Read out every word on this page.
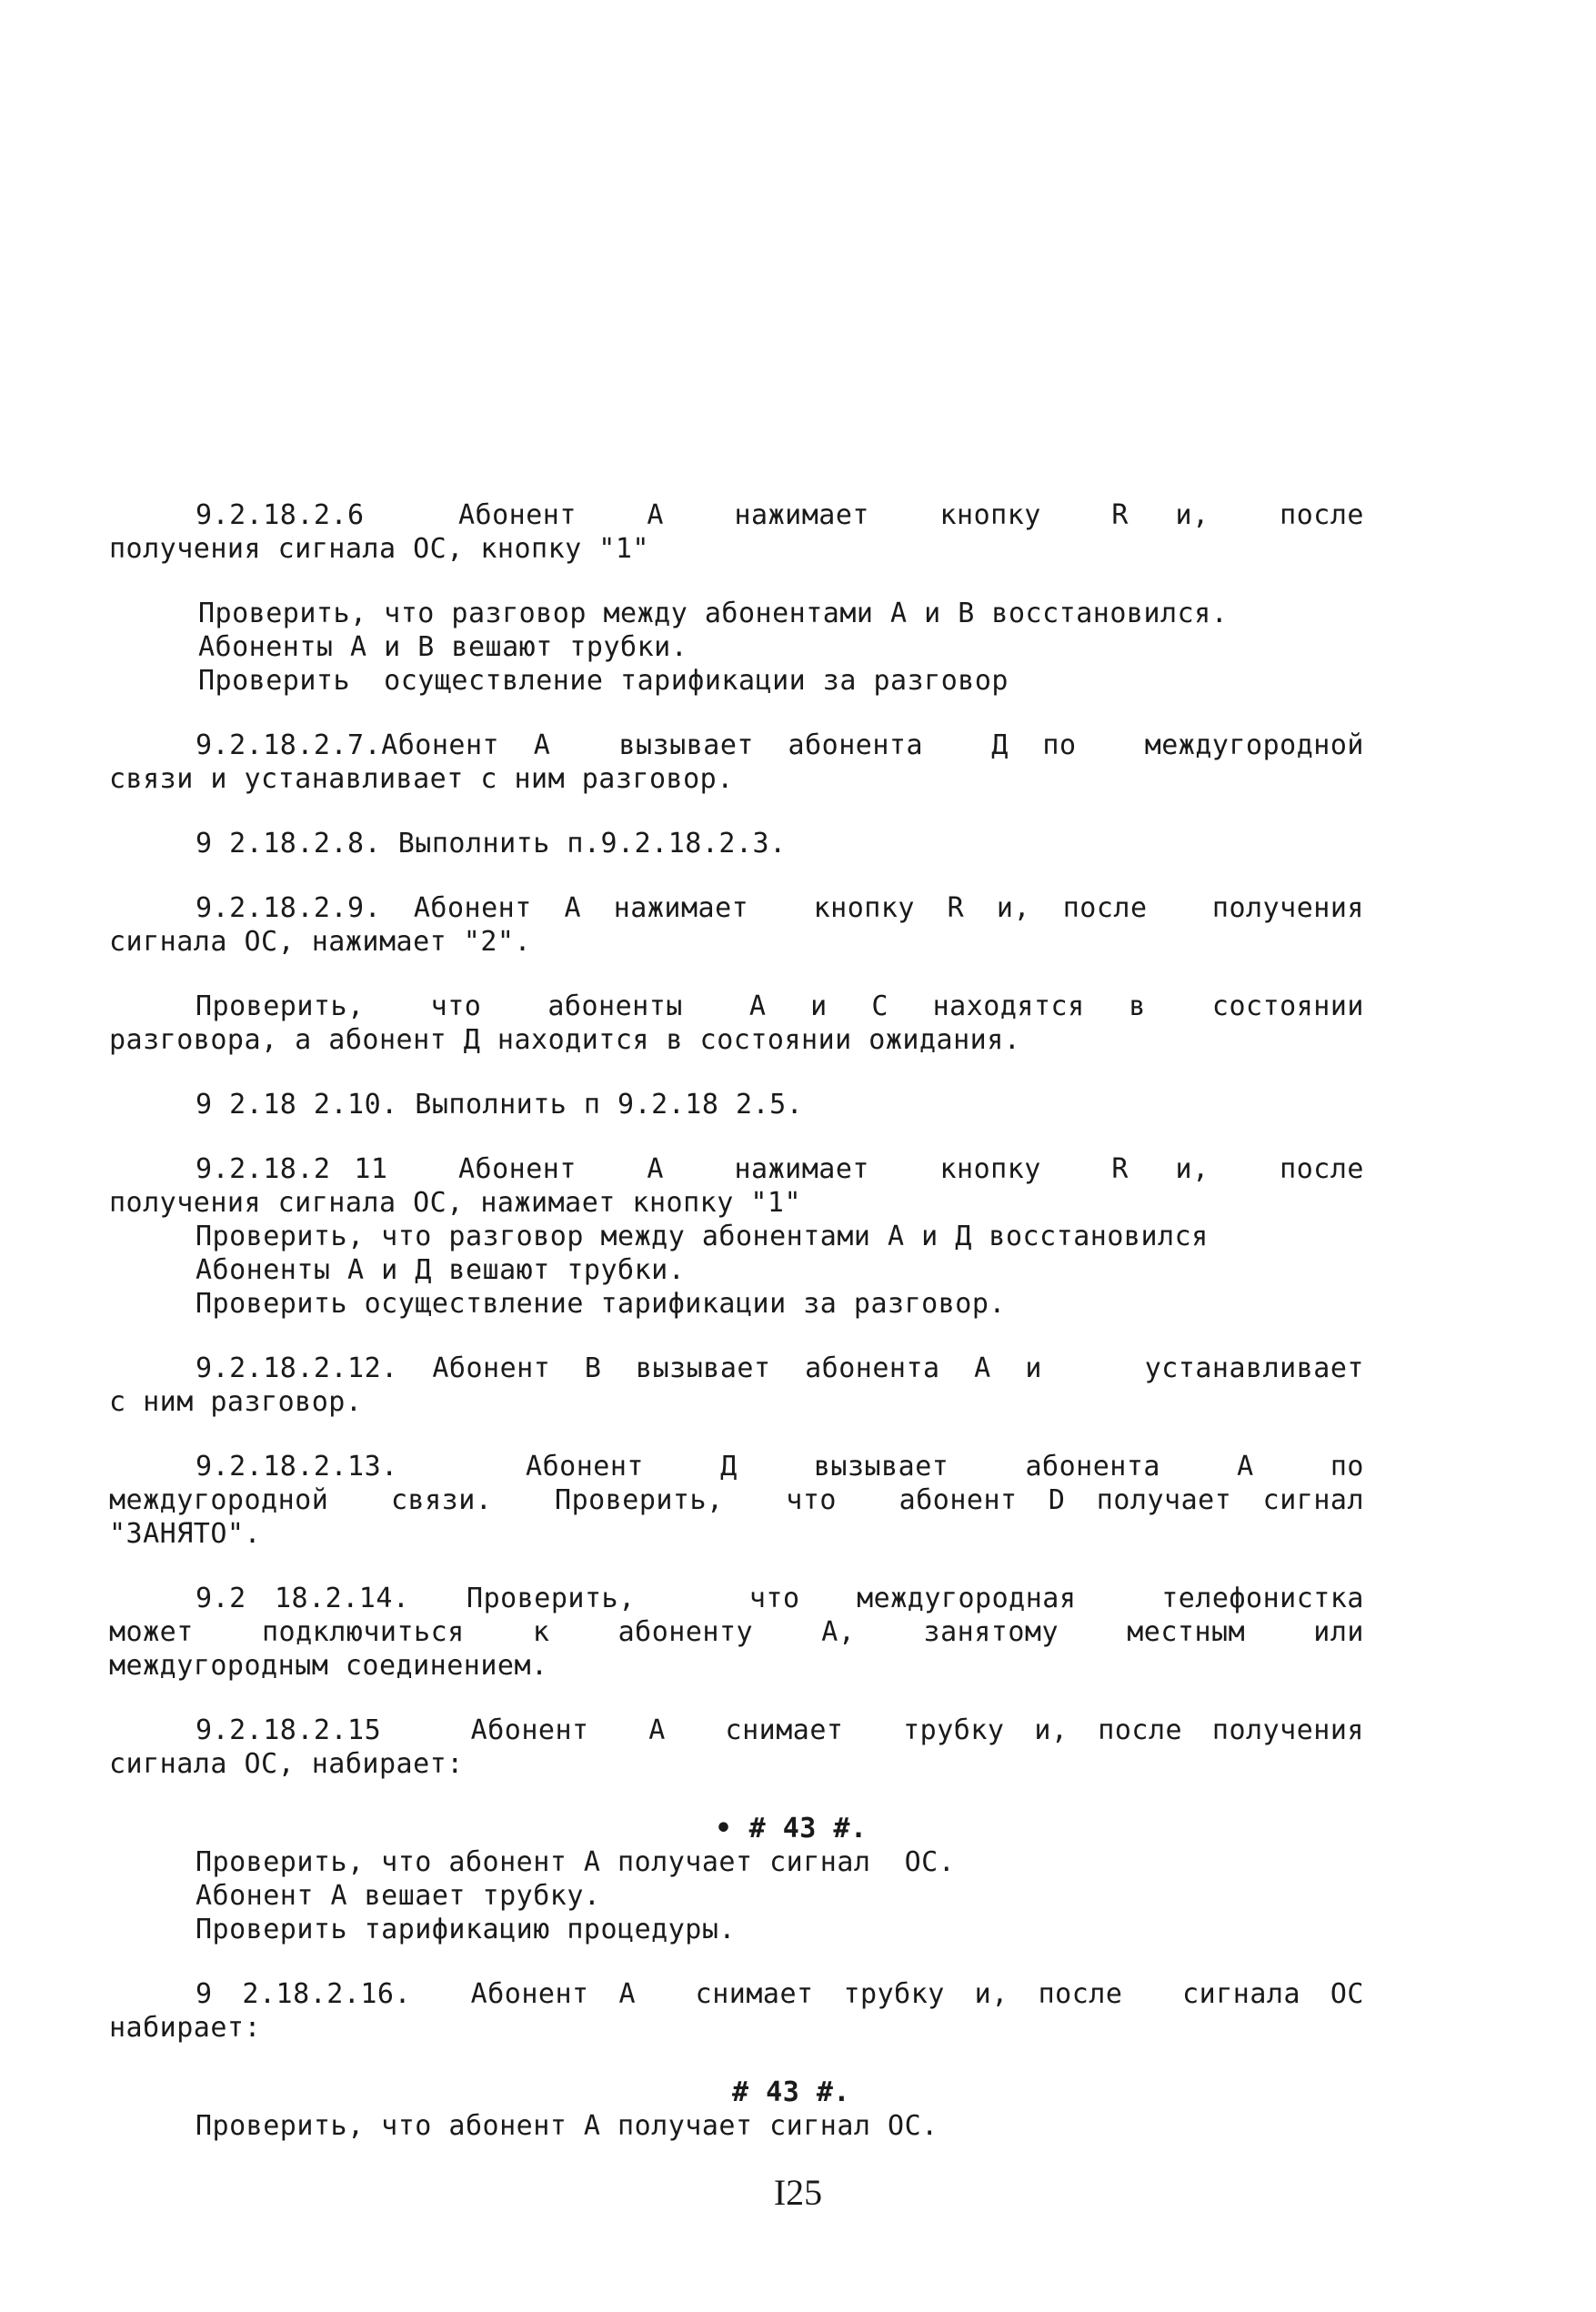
9.2.18.2.6    Абонент   А   нажимает   кнопку   R  и,   после
получения сигнала ОС, кнопку "1"
Проверить, что разговор между абонентами А и В восстановился.
Абоненты А и В вешают трубки.
Проверить  осуществление тарификации за разговор
9.2.18.2.7.Абонент А  вызывает абонента  Д по  междугородной
связи и устанавливает с ним разговор.
9 2.18.2.8. Выполнить п.9.2.18.2.3.
9.2.18.2.9. Абонент А нажимает  кнопку R и, после  получения
сигнала ОС, нажимает "2".
Проверить,   что   абоненты   А  и  С  находятся  в   состоянии
разговора, а абонент Д находится в состоянии ожидания.
9 2.18 2.10. Выполнить п 9.2.18 2.5.
9.2.18.2 11   Абонент   А   нажимает   кнопку   R  и,   после
получения сигнала ОС, нажимает кнопку "1"
Проверить, что разговор между абонентами А и Д восстановился
Абоненты А и Д вешают трубки.
Проверить осуществление тарификации за разговор.
9.2.18.2.12. Абонент В вызывает абонента А и   устанавливает
с ним разговор.
9.2.18.2.13.     Абонент   Д   вызывает   абонента   А   по
междугородной  связи.  Проверить,  что  абонент D получает сигнал
"ЗАНЯТО".
9.2 18.2.14.  Проверить,    что  междугородная   телефонистка
может  подключиться  к  абоненту  А,  занятому  местным  или
междугородным соединением.
9.2.18.2.15   Абонент  А  снимает  трубку и, после получения
сигнала ОС, набирает:
• # 43 #.
Проверить, что абонент А получает сигнал  ОС.
Абонент А вешает трубку.
Проверить тарификацию процедуры.
9 2.18.2.16.  Абонент А  снимает трубку и, после  сигнала ОС
набирает:
# 43 #.
Проверить, что абонент А получает сигнал ОС.
I25
